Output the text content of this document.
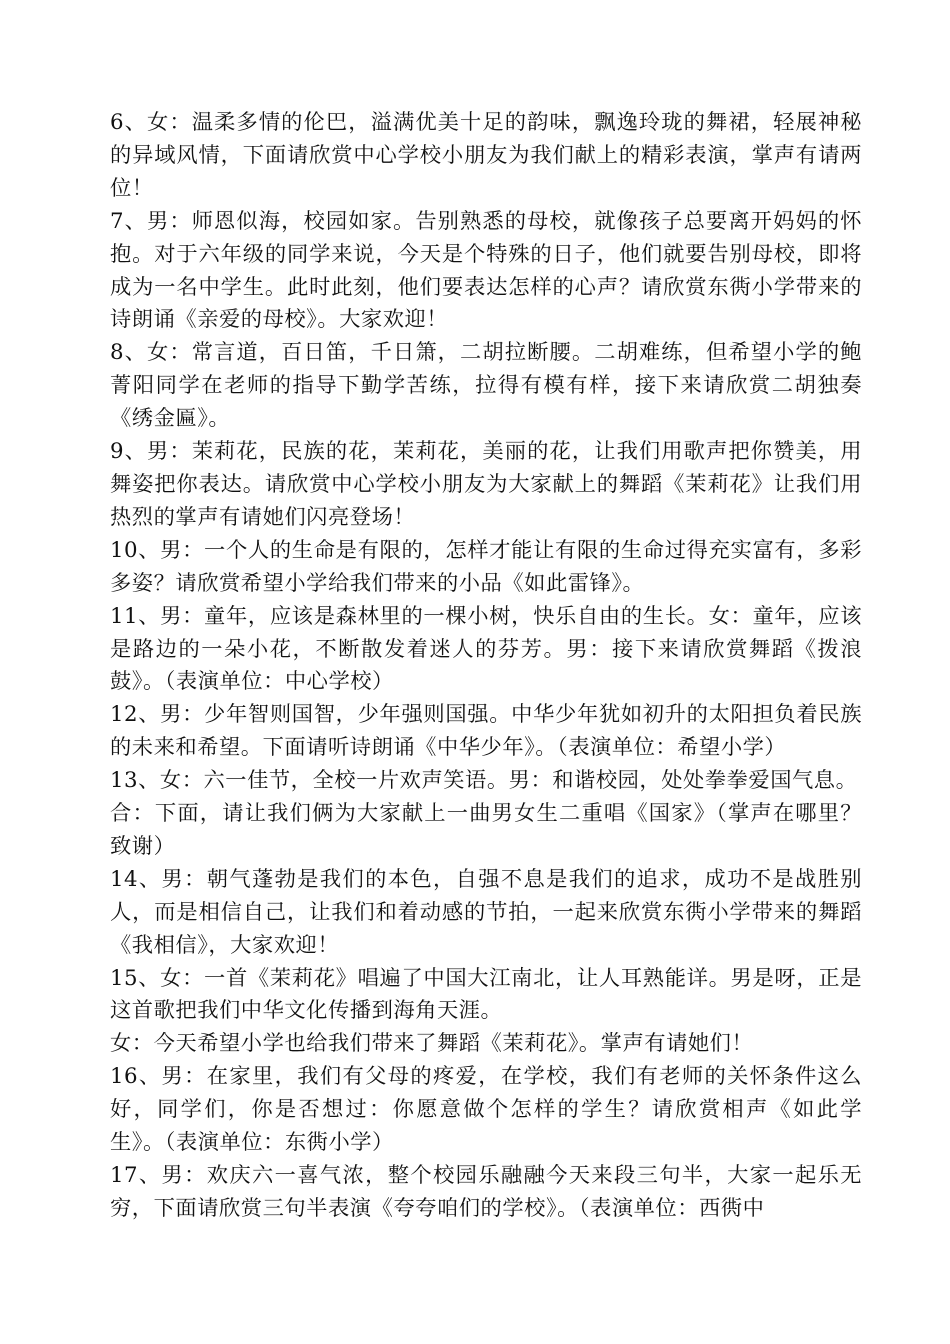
6、女：温柔多情的伦巴，溢满优美十足的韵味，飘逸玲珑的舞裙，轻展神秘的异域风情，下面请欣赏中心学校小朋友为我们献上的精彩表演，掌声有请两位！

7、男：师恩似海，校园如家。告别熟悉的母校，就像孩子总要离开妈妈的怀抱。对于六年级的同学来说，今天是个特殊的日子，他们就要告别母校，即将成为一名中学生。此时此刻，他们要表达怎样的心声？请欣赏东衖小学带来的诗朗诵《亲爱的母校》。大家欢迎！

8、女：常言道，百日笛，千日箫，二胡拉断腰。二胡难练，但希望小学的鲍菁阳同学在老师的指导下勤学苦练，拉得有模有样，接下来请欣赏二胡独奏《绣金匾》。

9、男：茉莉花，民族的花，茉莉花，美丽的花，让我们用歌声把你赞美，用舞姿把你表达。请欣赏中心学校小朋友为大家献上的舞蹈《茉莉花》让我们用热烈的掌声有请她们闪亮登场！

10、男：一个人的生命是有限的，怎样才能让有限的生命过得充实富有，多彩多姿？请欣赏希望小学给我们带来的小品《如此雷锋》。

11、男：童年，应该是森林里的一棵小树，快乐自由的生长。女：童年，应该是路边的一朵小花，不断散发着迷人的芬芳。男：接下来请欣赏舞蹈《拨浪鼓》。（表演单位：中心学校）

12、男：少年智则国智，少年强则国强。中华少年犹如初升的太阳担负着民族的未来和希望。下面请听诗朗诵《中华少年》。（表演单位：希望小学）

13、女：六一佳节，全校一片欢声笑语。男：和谐校园，处处拳拳爱国气息。

合：下面，请让我们俩为大家献上一曲男女生二重唱《国家》（掌声在哪里？致谢）

14、男：朝气蓬勃是我们的本色，自强不息是我们的追求，成功不是战胜别人，而是相信自己，让我们和着动感的节拍，一起来欣赏东衖小学带来的舞蹈《我相信》，大家欢迎！

15、女：一首《茉莉花》唱遍了中国大江南北，让人耳熟能详。男是呀，正是这首歌把我们中华文化传播到海角天涯。

女：今天希望小学也给我们带来了舞蹈《茉莉花》。掌声有请她们！

16、男：在家里，我们有父母的疼爱，在学校，我们有老师的关怀条件这么好，同学们，你是否想过：你愿意做个怎样的学生？请欣赏相声《如此学生》。（表演单位：东衖小学）

17、男：欢庆六一喜气浓，整个校园乐融融今天来段三句半，大家一起乐无穷，下面请欣赏三句半表演《夸夸咱们的学校》。（表演单位：西衖中
